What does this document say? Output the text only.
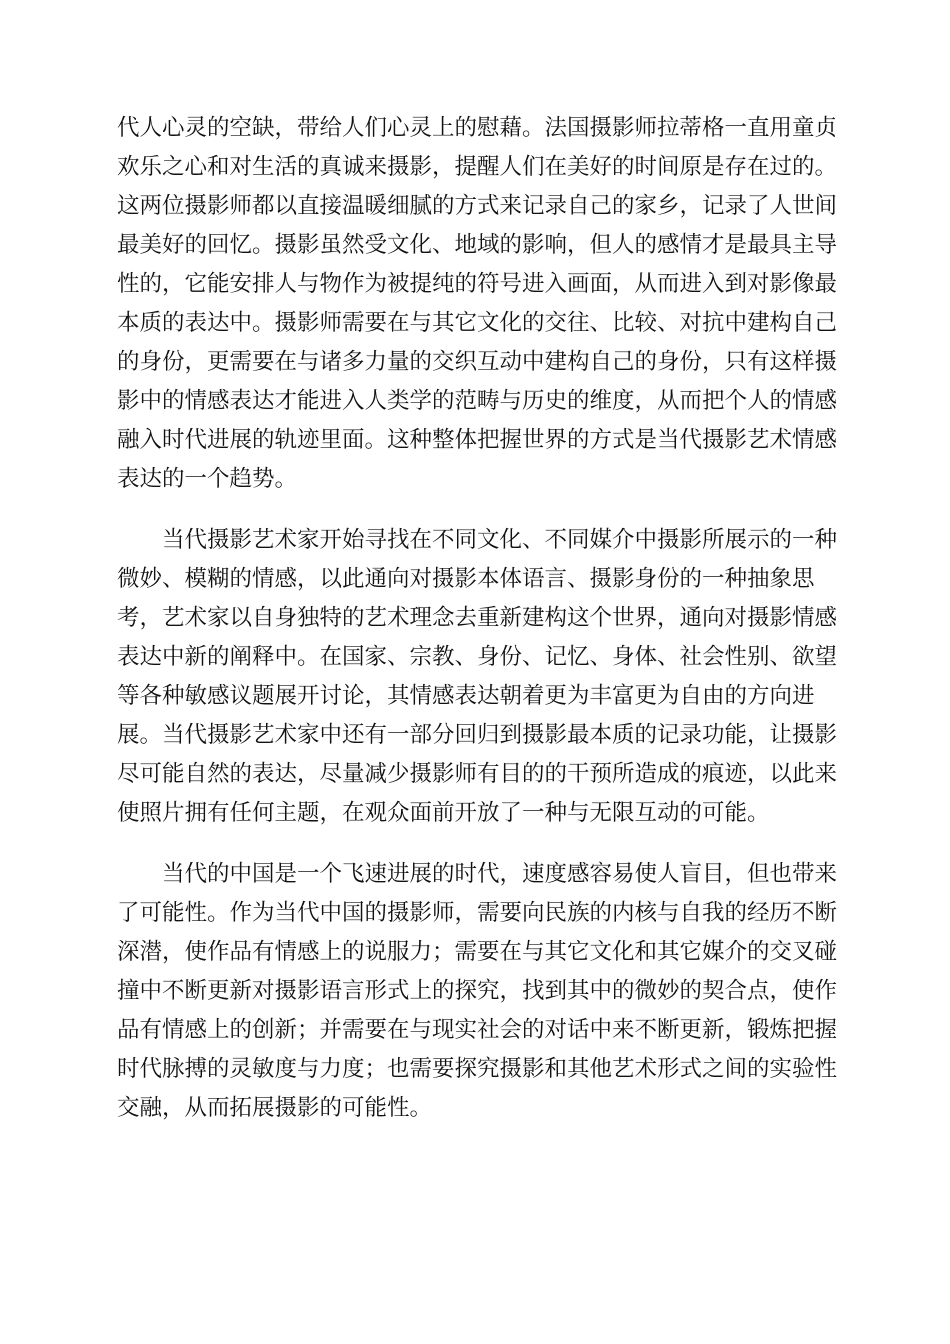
代人心灵的空缺，带给人们心灵上的慰藉。法国摄影师拉蒂格一直用童贞
欢乐之心和对生活的真诚来摄影，提醒人们在美好的时间原是存在过的。
这两位摄影师都以直接温暖细腻的方式来记录自己的家乡，记录了人世间
最美好的回忆。摄影虽然受文化、地域的影响，但人的感情才是最具主导
性的，它能安排人与物作为被提纯的符号进入画面，从而进入到对影像最
本质的表达中。摄影师需要在与其它文化的交往、比较、对抗中建构自己
的身份，更需要在与诸多力量的交织互动中建构自己的身份，只有这样摄
影中的情感表达才能进入人类学的范畴与历史的维度，从而把个人的情感
融入时代进展的轨迹里面。这种整体把握世界的方式是当代摄影艺术情感
表达的一个趋势。
　　当代摄影艺术家开始寻找在不同文化、不同媒介中摄影所展示的一种
微妙、模糊的情感，以此通向对摄影本体语言、摄影身份的一种抽象思
考，艺术家以自身独特的艺术理念去重新建构这个世界，通向对摄影情感
表达中新的阐释中。在国家、宗教、身份、记忆、身体、社会性别、欲望
等各种敏感议题展开讨论，其情感表达朝着更为丰富更为自由的方向进
展。当代摄影艺术家中还有一部分回归到摄影最本质的记录功能，让摄影
尽可能自然的表达，尽量减少摄影师有目的的干预所造成的痕迹，以此来
使照片拥有任何主题，在观众面前开放了一种与无限互动的可能。
　　当代的中国是一个飞速进展的时代，速度感容易使人盲目，但也带来
了可能性。作为当代中国的摄影师，需要向民族的内核与自我的经历不断
深潜，使作品有情感上的说服力；需要在与其它文化和其它媒介的交叉碰
撞中不断更新对摄影语言形式上的探究，找到其中的微妙的契合点，使作
品有情感上的创新；并需要在与现实社会的对话中来不断更新，锻炼把握
时代脉搏的灵敏度与力度；也需要探究摄影和其他艺术形式之间的实验性
交融，从而拓展摄影的可能性。
